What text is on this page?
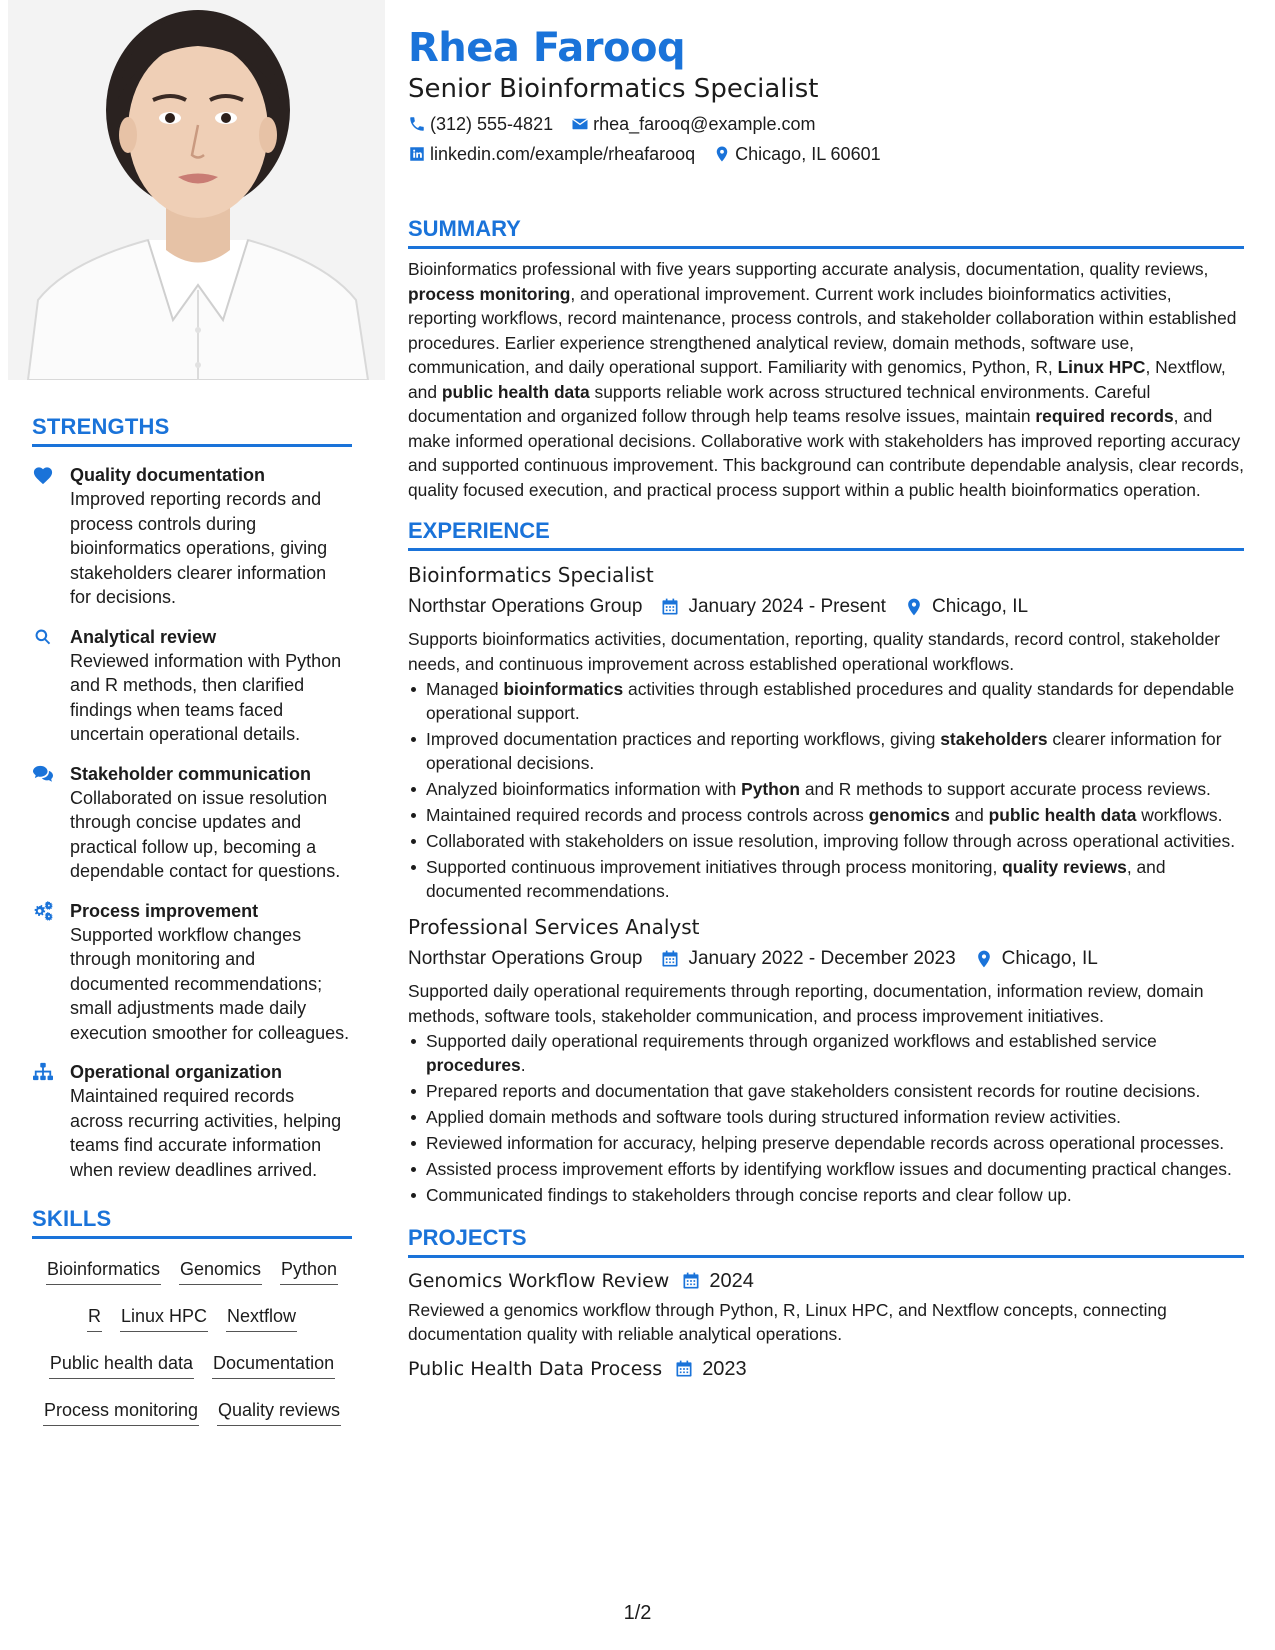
STRENGTHS
Quality documentation
Improved reporting records and process controls during bioinformatics operations, giving stakeholders clearer information for decisions.
Analytical review
Reviewed information with Python and R methods, then clarified findings when teams faced uncertain operational details.
Stakeholder communication
Collaborated on issue resolution through concise updates and practical follow up, becoming a dependable contact for questions.
Process improvement
Supported workflow changes through monitoring and documented recommendations; small adjustments made daily execution smoother for colleagues.
Operational organization
Maintained required records across recurring activities, helping teams find accurate information when review deadlines arrived.
SKILLS
Bioinformatics Genomics Python
R Linux HPC Nextflow
Public health data Documentation
Process monitoring Quality reviews
Rhea Farooq
Senior Bioinformatics Specialist
(312) 555-4821 rhea_farooq@example.com
linkedin.com/example/rheafarooq Chicago, IL 60601
SUMMARY
Bioinformatics professional with five years supporting accurate analysis, documentation, quality reviews, process monitoring, and operational improvement. Current work includes bioinformatics activities, reporting workflows, record maintenance, process controls, and stakeholder collaboration within established procedures. Earlier experience strengthened analytical review, domain methods, software use, communication, and daily operational support. Familiarity with genomics, Python, R, Linux HPC, Nextflow, and public health data supports reliable work across structured technical environments. Careful documentation and organized follow through help teams resolve issues, maintain required records, and make informed operational decisions. Collaborative work with stakeholders has improved reporting accuracy and supported continuous improvement. This background can contribute dependable analysis, clear records, quality focused execution, and practical process support within a public health bioinformatics operation.
EXPERIENCE
Bioinformatics Specialist
Northstar Operations Group January 2024 - Present Chicago, IL
Supports bioinformatics activities, documentation, reporting, quality standards, record control, stakeholder needs, and continuous improvement across established operational workflows.
Managed bioinformatics activities through established procedures and quality standards for dependable operational support.
Improved documentation practices and reporting workflows, giving stakeholders clearer information for operational decisions.
Analyzed bioinformatics information with Python and R methods to support accurate process reviews.
Maintained required records and process controls across genomics and public health data workflows.
Collaborated with stakeholders on issue resolution, improving follow through across operational activities.
Supported continuous improvement initiatives through process monitoring, quality reviews, and documented recommendations.
Professional Services Analyst
Northstar Operations Group January 2022 - December 2023 Chicago, IL
Supported daily operational requirements through reporting, documentation, information review, domain methods, software tools, stakeholder communication, and process improvement initiatives.
Supported daily operational requirements through organized workflows and established service procedures.
Prepared reports and documentation that gave stakeholders consistent records for routine decisions.
Applied domain methods and software tools during structured information review activities.
Reviewed information for accuracy, helping preserve dependable records across operational processes.
Assisted process improvement efforts by identifying workflow issues and documenting practical changes.
Communicated findings to stakeholders through concise reports and clear follow up.
PROJECTS
Genomics Workflow Review 2024
Reviewed a genomics workflow through Python, R, Linux HPC, and Nextflow concepts, connecting documentation quality with reliable analytical operations.
Public Health Data Process 2023
1/2
